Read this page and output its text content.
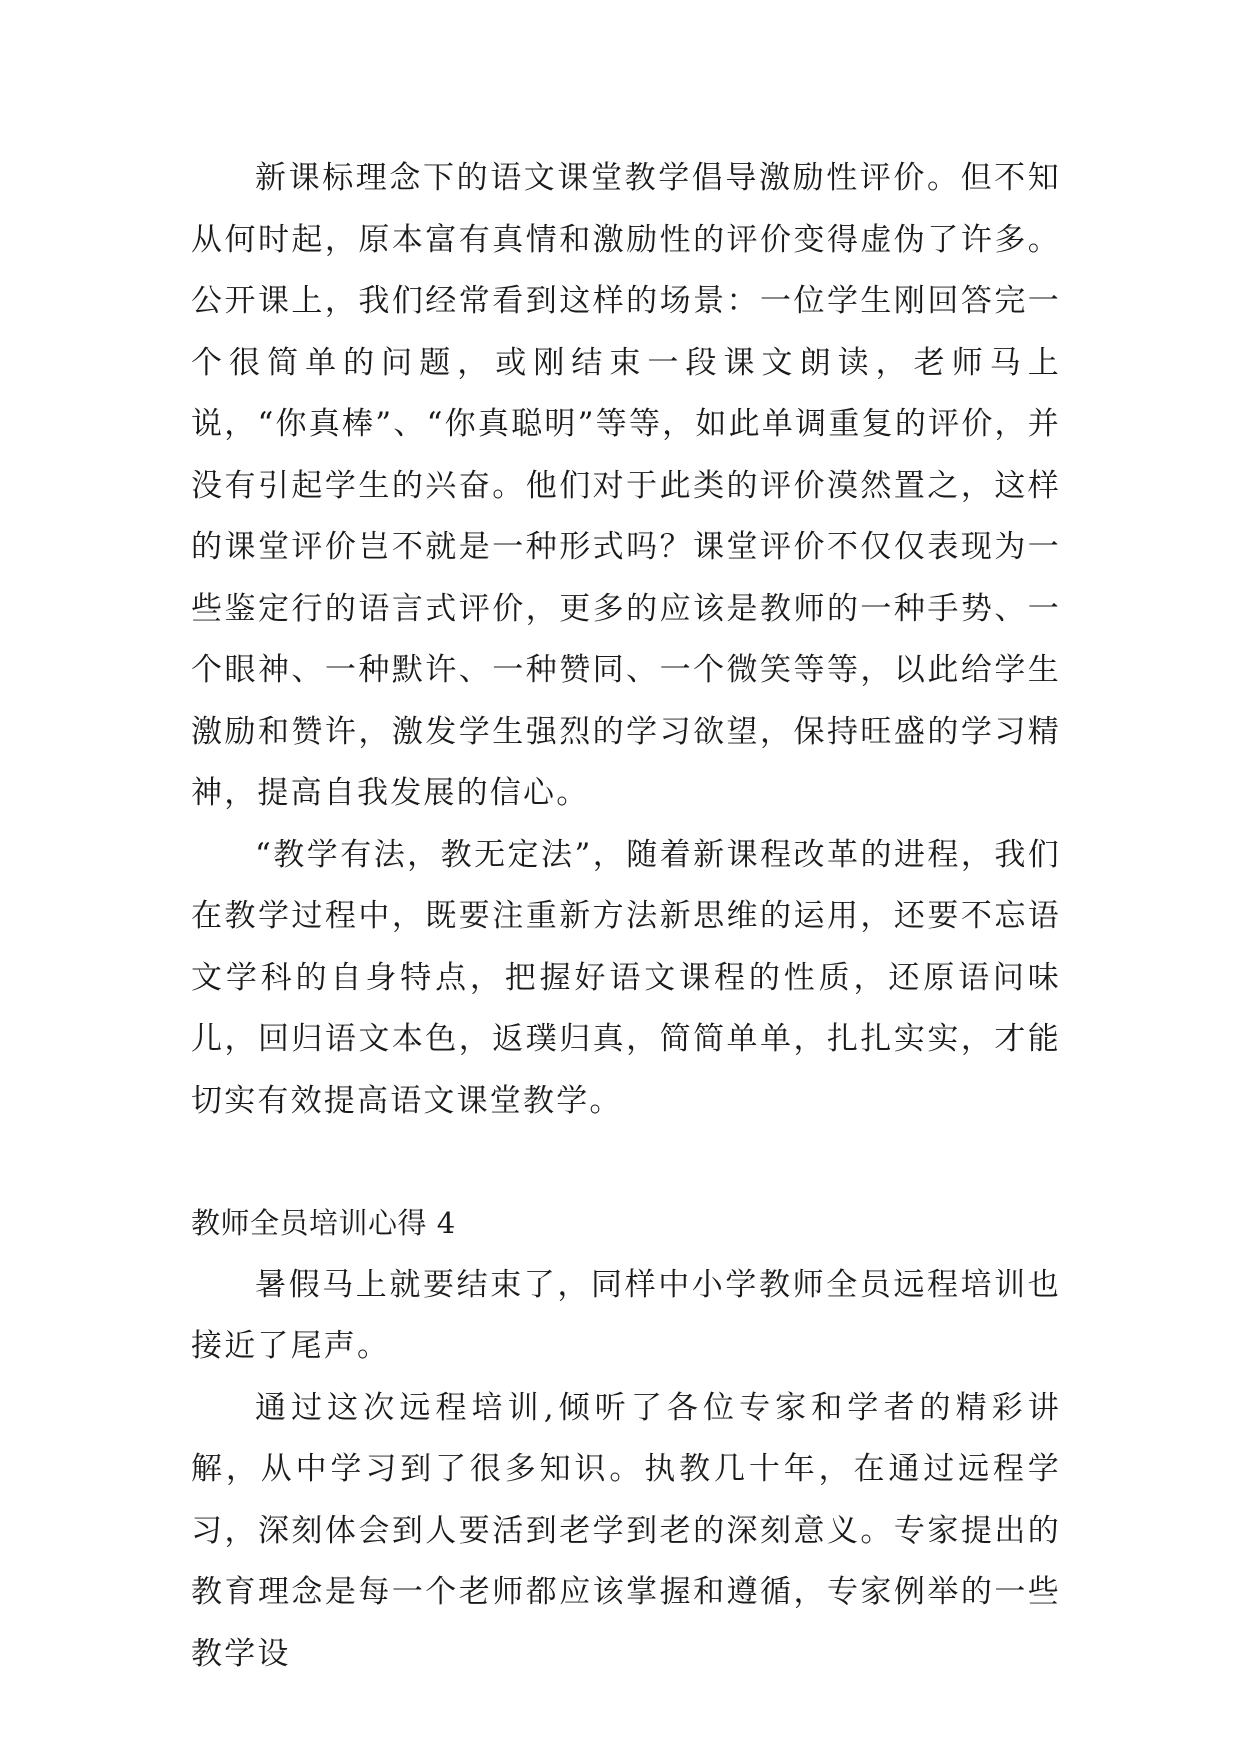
新课标理念下的语文课堂教学倡导激励性评价。但不知从何时起，原本富有真情和激励性的评价变得虚伪了许多。公开课上，我们经常看到这样的场景：一位学生刚回答完一个很简单的问题，或刚结束一段课文朗读，老师马上说，“你真棒”、“你真聪明”等等，如此单调重复的评价，并没有引起学生的兴奋。他们对于此类的评价漠然置之，这样的课堂评价岂不就是一种形式吗？课堂评价不仅仅表现为一些鉴定行的语言式评价，更多的应该是教师的一种手势、一个眼神、一种默许、一种赞同、一个微笑等等，以此给学生激励和赞许，激发学生强烈的学习欲望，保持旺盛的学习精神，提高自我发展的信心。

“教学有法，教无定法”，随着新课程改革的进程，我们在教学过程中，既要注重新方法新思维的运用，还要不忘语文学科的自身特点，把握好语文课程的性质，还原语问味儿，回归语文本色，返璞归真，简简单单，扎扎实实，才能切实有效提高语文课堂教学。

教师全员培训心得 4

暑假马上就要结束了，同样中小学教师全员远程培训也接近了尾声。

通过这次远程培训,倾听了各位专家和学者的精彩讲解，从中学习到了很多知识。执教几十年，在通过远程学习，深刻体会到人要活到老学到老的深刻意义。专家提出的教育理念是每一个老师都应该掌握和遵循，专家例举的一些教学设
